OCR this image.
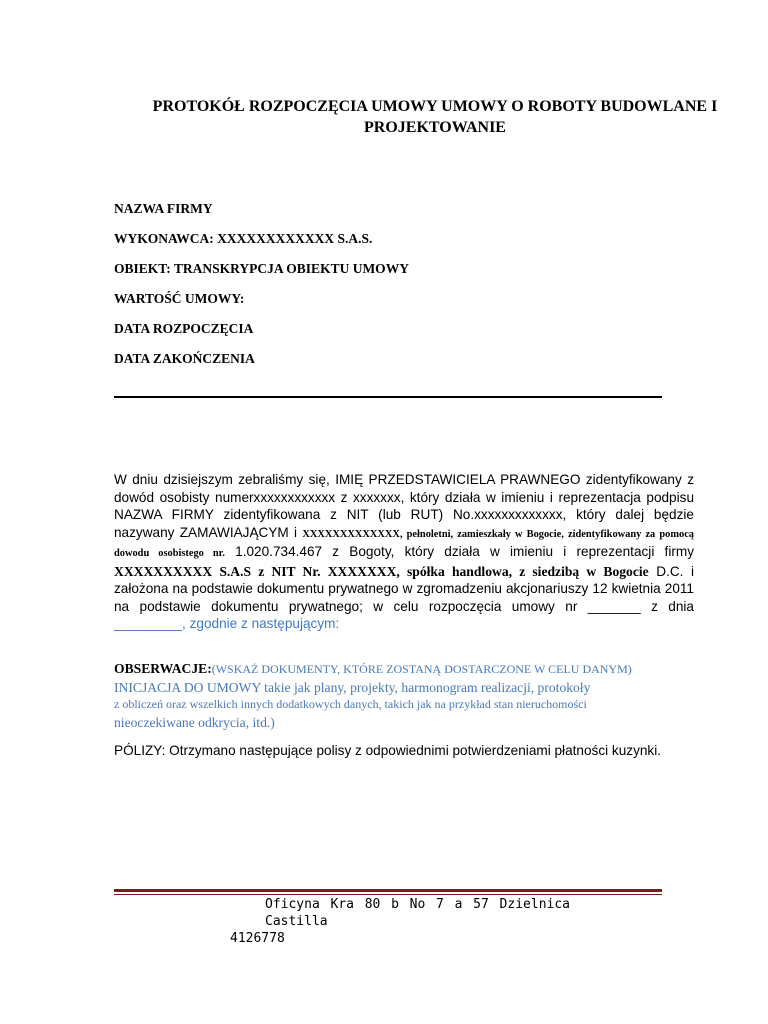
PROTOKÓŁ ROZPOCZĘCIA UMOWY UMOWY O ROBOTY BUDOWLANE I PROJEKTOWANIE
NAZWA FIRMY
WYKONAWCA: XXXXXXXXXXXX S.A.S.
OBIEKT: TRANSKRYPCJA OBIEKTU UMOWY
WARTOŚĆ UMOWY:
DATA ROZPOCZĘCIA
DATA ZAKOŃCZENIA

W dniu dzisiejszym zebraliśmy się, IMIĘ PRZEDSTAWICIELA PRAWNEGO zidentyfikowany z dowód osobisty numerxxxxxxxxxxxx z xxxxxxx, który działa w imieniu i reprezentacja podpisu NAZWA FIRMY zidentyfikowana z NIT (lub RUT) No.xxxxxxxxxxxxx, który dalej będzie nazywany ZAMAWIAJĄCYM i XXXXXXXXXXXXX, pełnoletni, zamieszkały w Bogocie, zidentyfikowany za pomocą dowodu osobistego nr. 1.020.734.467 z Bogoty, który działa w imieniu i reprezentacji firmy XXXXXXXXXX S.A.S z NIT Nr. XXXXXXX, spółka handlowa, z siedzibą w Bogocie D.C. i założona na podstawie dokumentu prywatnego w zgromadzeniu akcjonariuszy 12 kwietnia 2011 na podstawie dokumentu prywatnego; w celu rozpoczęcia umowy nr _______ z dnia _________, zgodnie z następującym:

OBSERWACJE:(WSKAŻ DOKUMENTY, KTÓRE ZOSTANĄ DOSTARCZONE W CELU DANYM)
INICJACJA DO UMOWY takie jak plany, projekty, harmonogram realizacji, protokoły
z obliczeń oraz wszelkich innych dodatkowych danych, takich jak na przykład stan nieruchomości
nieoczekiwane odkrycia, itd.)
PÓLIZY: Otrzymano następujące polisy z odpowiednimi potwierdzeniami płatności kuzynki.
Oficyna Kra 80 b No 7 a 57 Dzielnica Castilla
4126778
